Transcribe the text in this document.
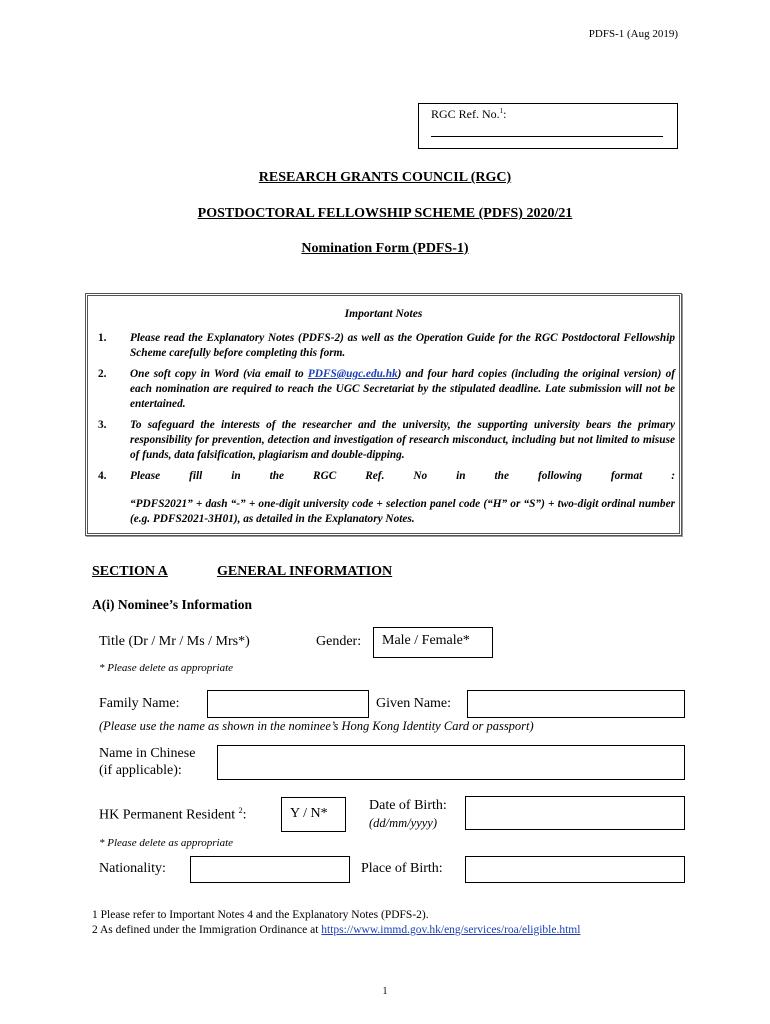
PDFS-1 (Aug 2019)
RGC Ref. No.$^1$:
RESEARCH GRANTS COUNCIL (RGC)
POSTDOCTORAL FELLOWSHIP SCHEME (PDFS) 2020/21
Nomination Form (PDFS-1)
Important Notes
1. Please read the Explanatory Notes (PDFS-2) as well as the Operation Guide for the RGC Postdoctoral Fellowship Scheme carefully before completing this form.
2. One soft copy in Word (via email to PDFS@ugc.edu.hk) and four hard copies (including the original version) of each nomination are required to reach the UGC Secretariat by the stipulated deadline. Late submission will not be entertained.
3. To safeguard the interests of the researcher and the university, the supporting university bears the primary responsibility for prevention, detection and investigation of research misconduct, including but not limited to misuse of funds, data falsification, plagiarism and double-dipping.
4. Please fill in the RGC Ref. No in the following format :
“PDFS2021” + dash “-” + one-digit university code + selection panel code (“H” or “S”) + two-digit ordinal number (e.g. PDFS2021-3H01), as detailed in the Explanatory Notes.
SECTION A	GENERAL INFORMATION
A(i) Nominee’s Information
Title (Dr / Mr / Ms / Mrs*)	Gender:	Male / Female*
* Please delete as appropriate
Family Name:	Given Name:
(Please use the name as shown in the nominee’s Hong Kong Identity Card or passport)
Name in Chinese
(if applicable):
HK Permanent Resident $^2$:	Y / N*
Date of Birth:
(dd/mm/yyyy)
* Please delete as appropriate
Nationality:	Place of Birth:
1 Please refer to Important Notes 4 and the Explanatory Notes (PDFS-2).
2 As defined under the Immigration Ordinance at https://www.immd.gov.hk/eng/services/roa/eligible.html
1
